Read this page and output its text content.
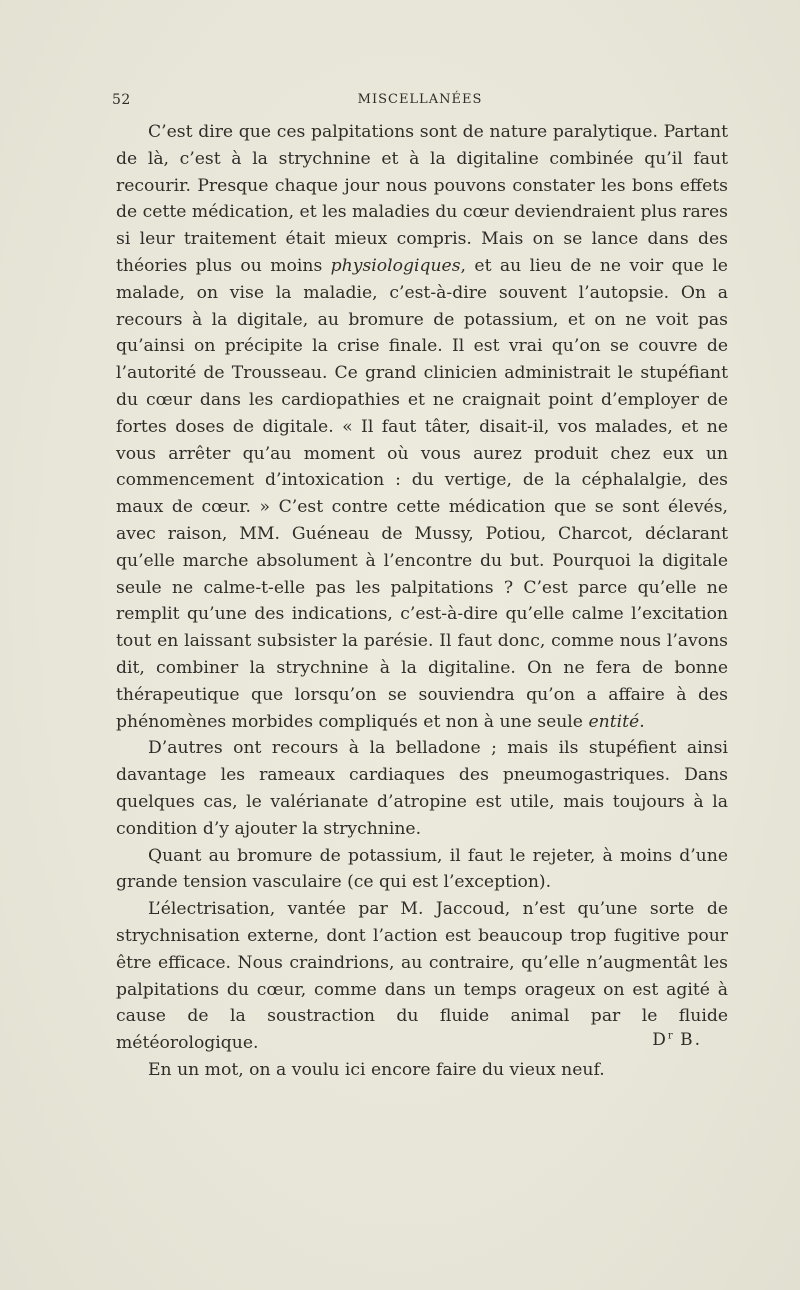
52	MISCELLANÉES

C’est dire que ces palpitations sont de nature paralytique. Partant de là, c’est à la strychnine et à la digitaline combinée qu’il faut recourir. Presque chaque jour nous pouvons constater les bons effets de cette médication, et les maladies du cœur deviendraient plus rares si leur traitement était mieux compris. Mais on se lance dans des théories plus ou moins physiologiques, et au lieu de ne voir que le malade, on vise la maladie, c’est-à-dire souvent l’autopsie. On a recours à la digitale, au bromure de potassium, et on ne voit pas qu’ainsi on précipite la crise finale. Il est vrai qu’on se couvre de l’autorité de Trousseau. Ce grand clinicien administrait le stupéfiant du cœur dans les cardiopathies et ne craignait point d’employer de fortes doses de digitale. « Il faut tâter, disait-il, vos malades, et ne vous arrêter qu’au moment où vous aurez produit chez eux un commencement d’intoxication : du vertige, de la céphalalgie, des maux de cœur. » C’est contre cette médication que se sont élevés, avec raison, MM. Guéneau de Mussy, Potiou, Charcot, déclarant qu’elle marche absolument à l’encontre du but. Pourquoi la digitale seule ne calme-t-elle pas les palpitations ? C’est parce qu’elle ne remplit qu’une des indications, c’est-à-dire qu’elle calme l’excitation tout en laissant subsister la parésie. Il faut donc, comme nous l’avons dit, combiner la strychnine à la digitaline. On ne fera de bonne thérapeutique que lorsqu’on se souviendra qu’on a affaire à des phénomènes morbides compliqués et non à une seule entité.

D’autres ont recours à la belladone ; mais ils stupéfient ainsi davantage les rameaux cardiaques des pneumogastriques. Dans quelques cas, le valérianate d’atropine est utile, mais toujours à la condition d’y ajouter la strychnine.

Quant au bromure de potassium, il faut le rejeter, à moins d’une grande tension vasculaire (ce qui est l’exception).

L’électrisation, vantée par M. Jaccoud, n’est qu’une sorte de strychnisation externe, dont l’action est beaucoup trop fugitive pour être efficace. Nous craindrions, au contraire, qu’elle n’augmentât les palpitations du cœur, comme dans un temps orageux on est agité à cause de la soustraction du fluide animal par le fluide météorologique.

En un mot, on a voulu ici encore faire du vieux neuf.

$D^r$ B.
